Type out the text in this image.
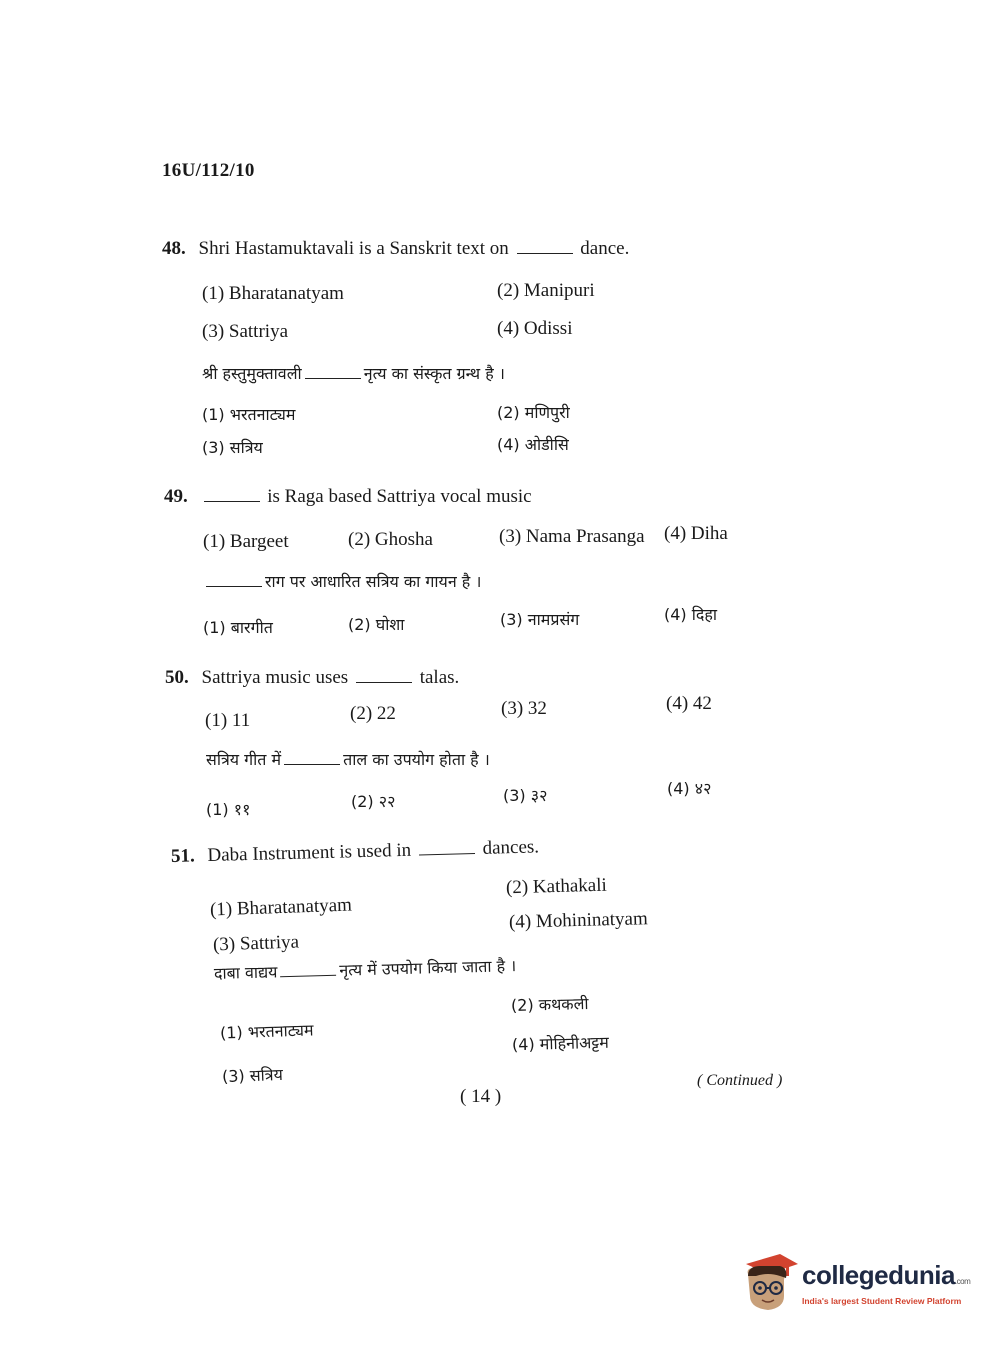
16U/112/10
48. Shri Hastamuktavali is a Sanskrit text on	dance.
(1) Bharatanatyam	(2) Manipuri
(3) Sattriya	(4) Odissi
श्री हस्तुमुक्तावली	नृत्य का संस्कृत ग्रन्थ है ।
(1) भरतनाट्यम	(2) मणिपुरी
(3) सत्रिय	(4) ओडीसि
49.	is Raga based Sattriya vocal music
(1) Bargeet	(2) Ghosha	(3) Nama Prasanga (4) Diha
राग पर आधारित सत्रिय का गायन है ।
(1) बारगीत	(2) घोशा	(3) नामप्रसंग	(4) दिहा
50. Sattriya music uses	talas.
(1) 11	(2) 22	(3) 32	(4) 42
सत्रिय गीत में	ताल का उपयोग होता है ।
(1) ११	(2) २२	(3) ३२	(4) ४२
51. Daba Instrument is used in	dances.
(1) Bharatanatyam
(2) Kathakali
(3) Sattriya
(4) Mohininatyam
दाबा वाद्यय	नृत्य में उपयोग किया जाता है ।
(1) भरतनाट्यम
(2) कथकली
(3) सत्रिय
(4) मोहिनीअट्टम
( Continued )
( 14 )
collegedunia.com
India's largest Student Review Platform
